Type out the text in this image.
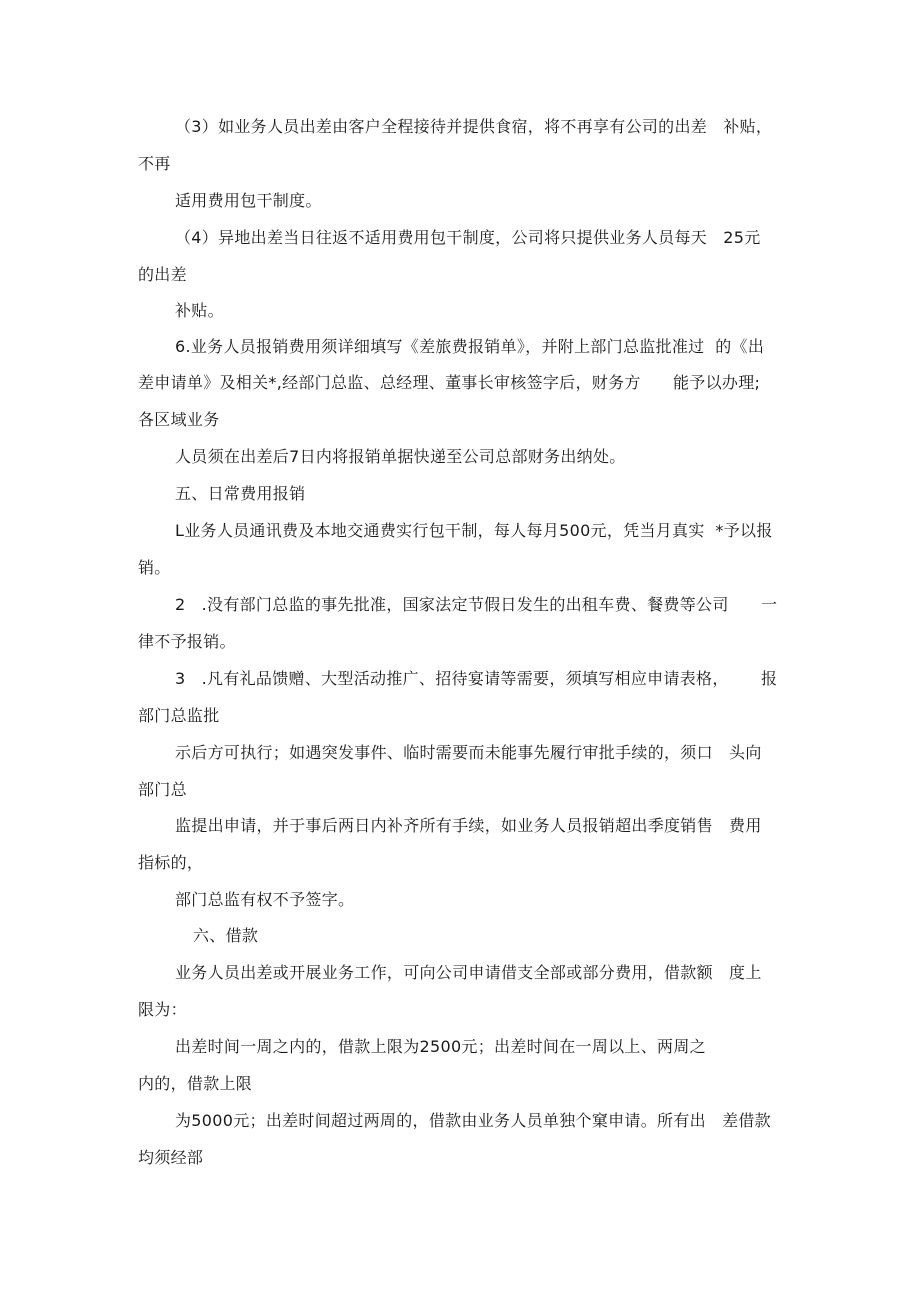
（3）如业务人员出差由客户全程接待并提供食宿，将不再享有公司的出差   补贴，
不再
适用费用包干制度。
（4）异地出差当日往返不适用费用包干制度，公司将只提供业务人员每天   25元
的出差
补贴。
6.业务人员报销费用须详细填写《差旅费报销单》，并附上部门总监批准过  的《出
差申请单》及相关*,经部门总监、总经理、董事长审核签字后，财务方      能予以办理;
各区域业务
人员须在出差后7日内将报销单据快递至公司总部财务出纳处。
五、日常费用报销
L业务人员通讯费及本地交通费实行包干制，每人每月500元，凭当月真实  *予以报
销。
2   .没有部门总监的事先批准，国家法定节假日发生的出租车费、餐费等公司      一
律不予报销。
3   .凡有礼品馈赠、大型活动推广、招待宴请等需要，须填写相应申请表格，      报
部门总监批
示后方可执行；如遇突发事件、临时需要而未能事先履行审批手续的，须口   头向
部门总
监提出申请，并于事后两日内补齐所有手续，如业务人员报销超出季度销售   费用
指标的，
部门总监有权不予签字。
六、借款
业务人员出差或开展业务工作，可向公司申请借支全部或部分费用，借款额   度上
限为：
出差时间一周之内的，借款上限为2500元；出差时间在一周以上、两周之
内的，借款上限
为5000元；出差时间超过两周的，借款由业务人员单独个窠申请。所有出   差借款
均须经部
